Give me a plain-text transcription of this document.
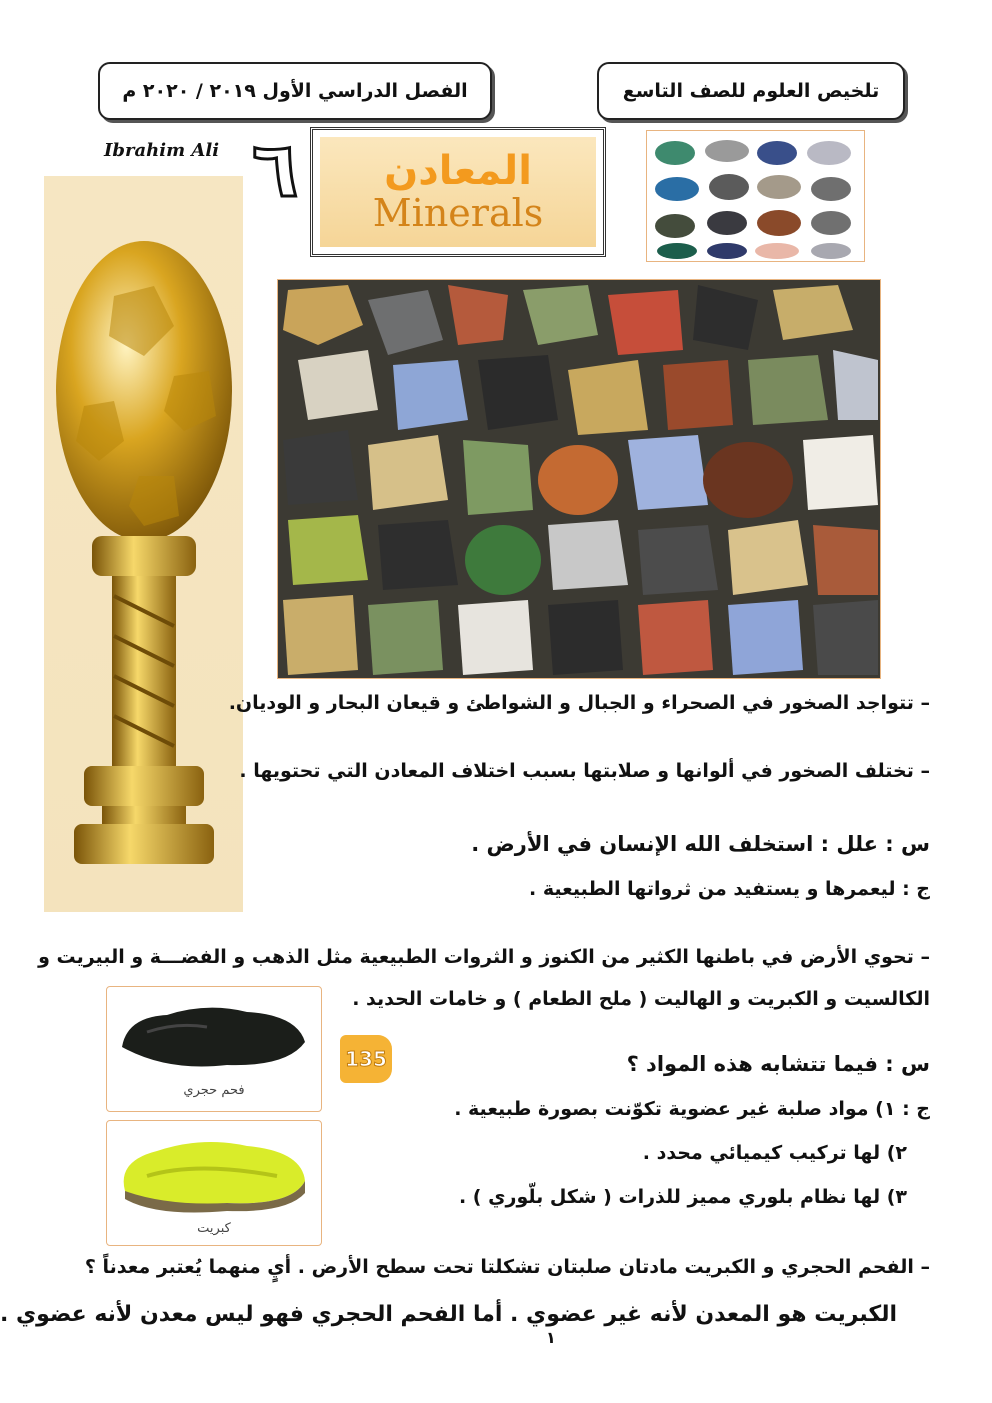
الفصل الدراسي الأول ٢٠١٩ / ٢٠٢٠ م	تلخيص العلوم للصف التاسع
Ibrahim Ali ٦ المعادن
Minerals
– تتواجد الصخور في الصحراء و الجبال و الشواطئ و قيعان البحار و الوديان.
– تختلف الصخور في ألوانها و صلابتها بسبب اختلاف المعادن التي تحتويها .
س : علل : استخلف الله الإنسان في الأرض .
ج : ليعمرها و يستفيد من ثرواتها الطبيعية .
– تحوي الأرض في باطنها الكثير من الكنوز و الثروات الطبيعية مثل الذهب و الفضـــة و البيريت و
الكالسيت و الكبريت و الهاليت ( ملح الطعام ) و خامات الحديد .
فحم حجري
كبريت
135	س : فيما تتشابه هذه المواد ؟
ج : ١) مواد صلبة غير عضوية تكوّنت بصورة طبيعية .
٢) لها تركيب كيميائي محدد .
٣) لها نظام بلوري مميز للذرات ( شكل بلّوري ) .
– الفحم الحجري و الكبريت مادتان صلبتان تشكلتا تحت سطح الأرض . أيٍ منهما يُعتبر معدناً ؟
الكبريت هو المعدن لأنه غير عضوي . أما الفحم الحجري فهو ليس معدن لأنه عضوي .
١
